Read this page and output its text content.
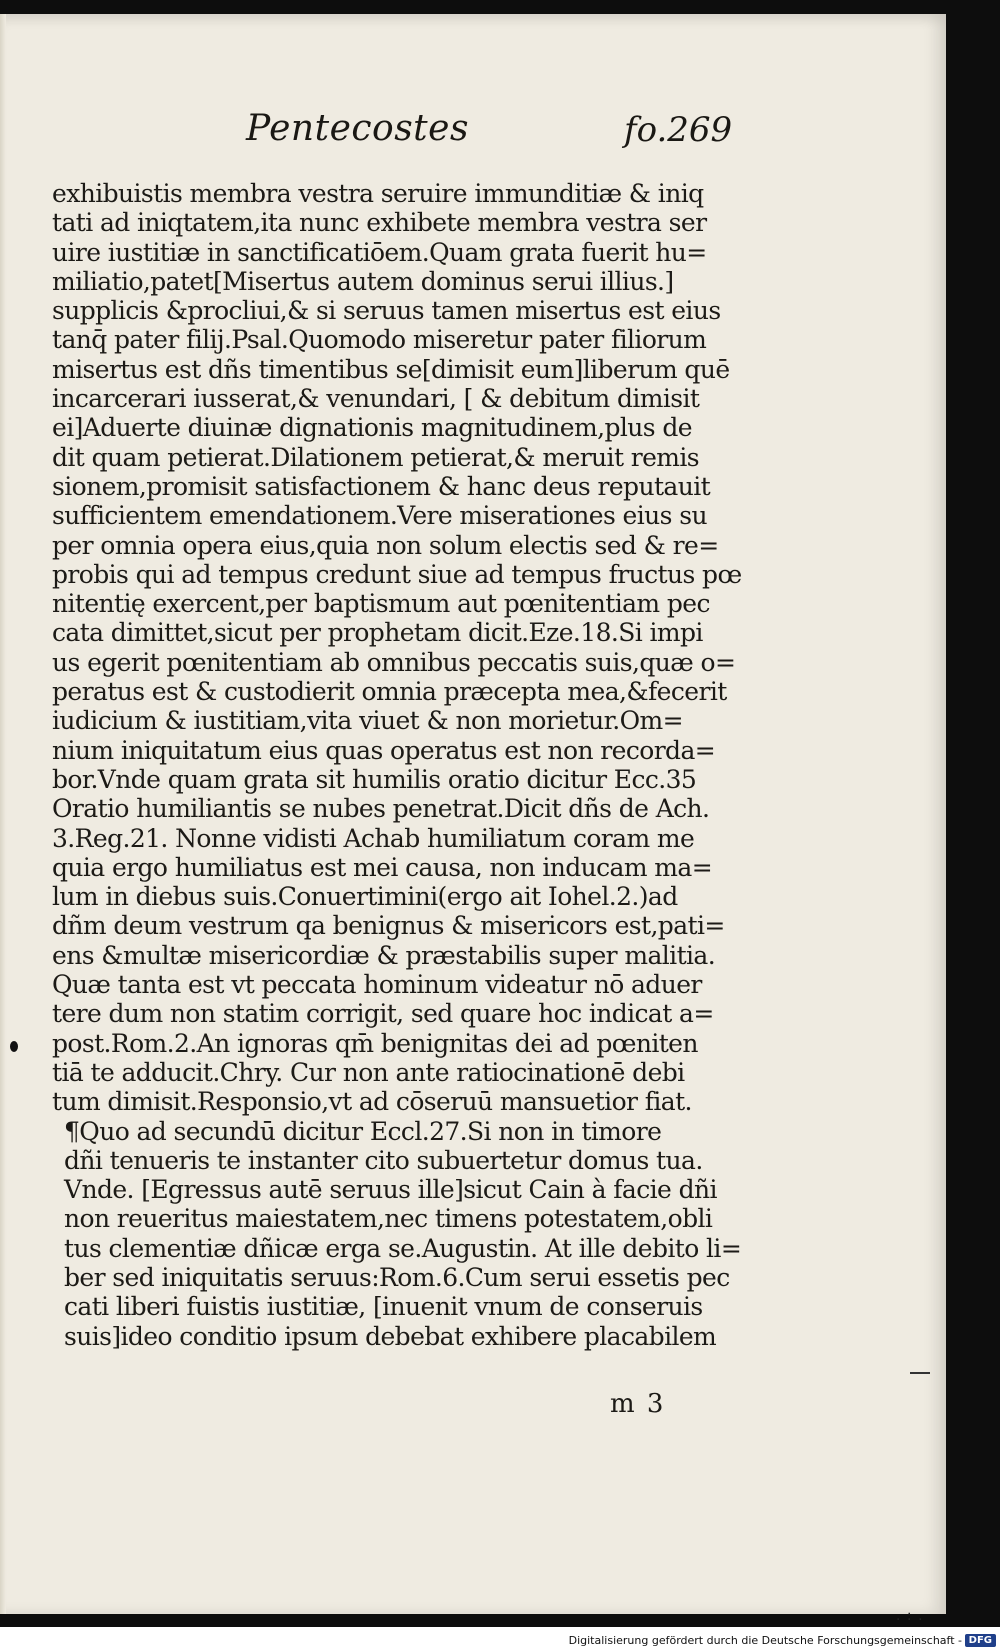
Pentecostes	fo.269
exhibuistis membra vestra seruire immunditiæ & iniq
tati ad iniqtatem,ita nunc exhibete membra vestra ser
uire iustitiæ in sanctificatiōem.Quam grata fuerit hu=
miliatio,patet[Misertus autem dominus serui illius.]
supplicis &procliui,& si seruus tamen misertus est eius
tanq̄ pater filij.Psal.Quomodo miseretur pater filiorum
misertus est dñs timentibus se[dimisit eum]liberum quē
incarcerari iusserat,& venundari, [ & debitum dimisit
ei]Aduerte diuinæ dignationis magnitudinem,plus de
dit quam petierat.Dilationem petierat,& meruit remis
sionem,promisit satisfactionem & hanc deus reputauit
sufficientem emendationem.Vere miserationes eius su
per omnia opera eius,quia non solum electis sed & re=
probis qui ad tempus credunt siue ad tempus fructus pœ
nitentię exercent,per baptismum aut pœnitentiam pec
cata dimittet,sicut per prophetam dicit.Eze.18.Si impi
us egerit pœnitentiam ab omnibus peccatis suis,quæ o=
peratus est & custodierit omnia præcepta mea,&fecerit
iudicium & iustitiam,vita viuet & non morietur.Om=
nium iniquitatum eius quas operatus est non recorda=
bor.Vnde quam grata sit humilis oratio dicitur Ecc.35
Oratio humiliantis se nubes penetrat.Dicit dñs de Ach.
3.Reg.21. Nonne vidisti Achab humiliatum coram me
quia ergo humiliatus est mei causa, non inducam ma=
lum in diebus suis.Conuertimini(ergo ait Iohel.2.)ad
dñm deum vestrum qa benignus & misericors est,pati=
ens &multæ misericordiæ & præstabilis super malitia.
Quæ tanta est vt peccata hominum videatur nō aduer
tere dum non statim corrigit, sed quare hoc indicat a=
post.Rom.2.An ignoras qm̄ benignitas dei ad pœniten
tiā te adducit.Chry. Cur non ante ratiocinationē debi
tum dimisit.Responsio,vt ad cōseruū mansuetior fiat.
¶Quo ad secundū dicitur Eccl.27.Si non in timore
dñi tenueris te instanter cito subuertetur domus tua.
Vnde. [Egressus autē seruus ille]sicut Cain à facie dñi
non reueritus maiestatem,nec timens potestatem,obli
tus clementiæ dñicæ erga se.Augustin. At ille debito li=
ber sed iniquitatis seruus:Rom.6.Cum serui essetis pec
cati liberi fuistis iustitiæ, [inuenit vnum de conseruis
suis]ideo conditio ipsum debebat exhibere placabilem
m 3
. : .
Digitalisierung gefördert durch die Deutsche Forschungsgemeinschaft - DFG
